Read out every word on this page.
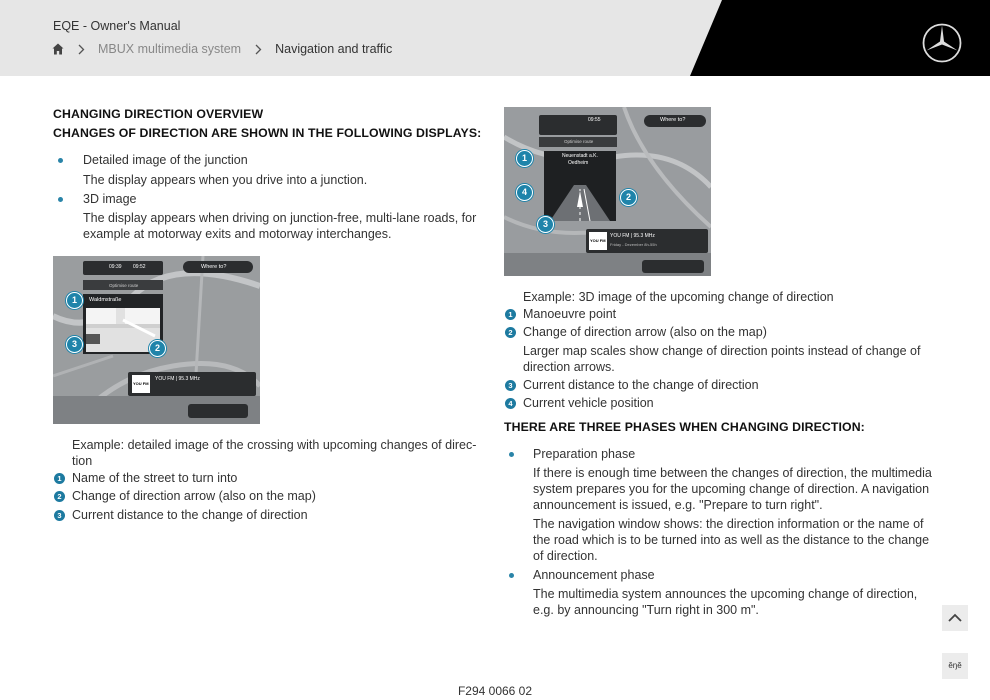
EQE - Owner's Manual
MBUX multimedia system	Navigation and traffic
CHANGING DIRECTION OVERVIEW
CHANGES OF DIRECTION ARE SHOWN IN THE FOLLOWING DISPLAYS:
Detailed image of the junction
The display appears when you drive into a junction.
3D image
The display appears when driving on junction-free, multi-lane roads, for
example at motorway exits and motorway interchanges.
09:39 09:52	Where to?
Optimise route
Waldmstraße
YOU FM | 95.3 MHz
YOU FM
1
2
3
Example: detailed image of the crossing with upcoming changes of direc-
tion
1 Name of the street to turn into
2 Change of direction arrow (also on the map)
3 Current distance to the change of direction
09:55	Where to?
Optimise route
Neuenstadt a.K.
Oedheim
YOU FM | 95.3 MHz
Friday - Dezember 8h-55h
YOU FM
1
2
3
4
Example: 3D image of the upcoming change of direction
1 Manoeuvre point
2 Change of direction arrow (also on the map)
Larger map scales show change of direction points instead of change of
direction arrows.
3 Current distance to the change of direction
4 Current vehicle position
THERE ARE THREE PHASES WHEN CHANGING DIRECTION:
Preparation phase
If there is enough time between the changes of direction, the multimedia
system prepares you for the upcoming change of direction. A navigation
announcement is issued, e.g. "Prepare to turn right".
The navigation window shows: the direction information or the name of
the road which is to be turned into as well as the distance to the change
of direction.
Announcement phase
The multimedia system announces the upcoming change of direction,
e.g. by announcing "Turn right in 300 m".
ĕŋĕ
F294 0066 02
